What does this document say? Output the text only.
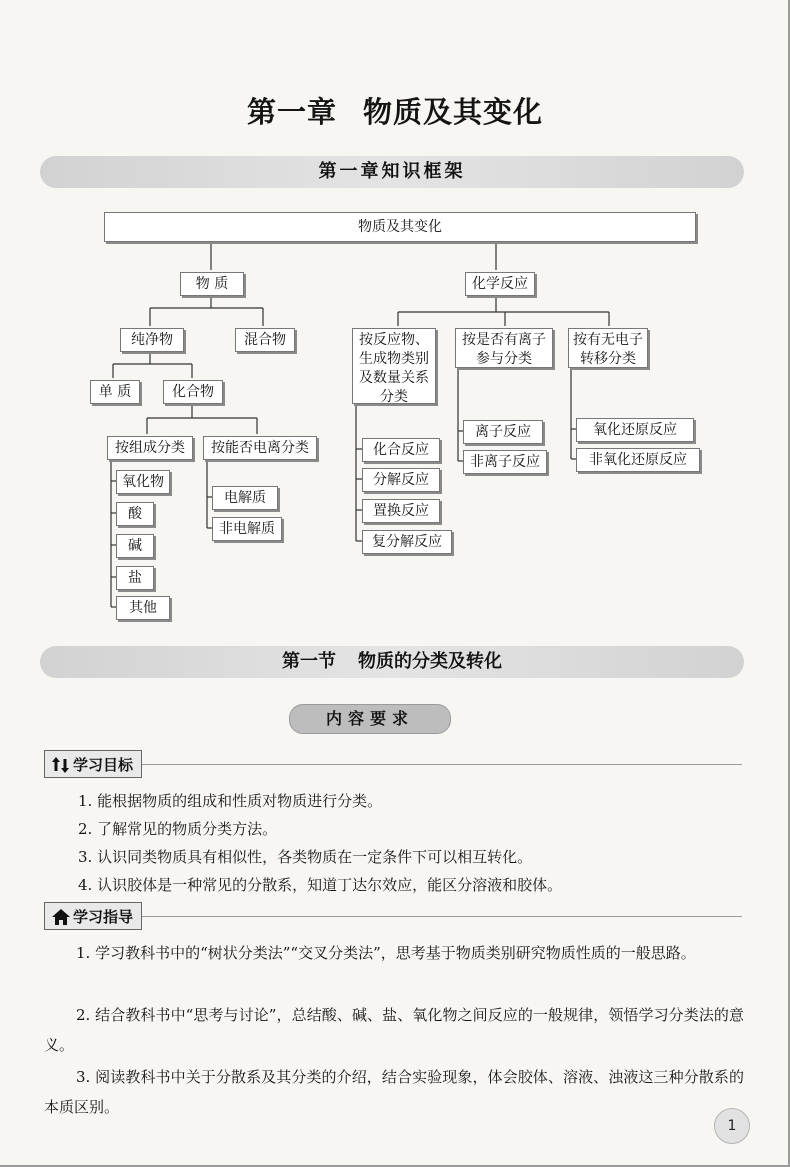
第一章 物质及其变化
第一章知识框架
物质及其变化
物 质
纯净物	混合物
单 质	化合物
按组成分类	按能否电离分类
氧化物
酸
碱
盐
其他
电解质
非电解质
化学反应
按反应物、
生成物类别
及数量关系
分类
按是否有离子
参与分类
按有无电子
转移分类
化合反应
分解反应
置换反应
复分解反应
离子反应
非离子反应
氧化还原反应
非氧化还原反应
第一节 物质的分类及转化
内容要求
学习目标
1. 能根据物质的组成和性质对物质进行分类。
2. 了解常见的物质分类方法。
3. 认识同类物质具有相似性，各类物质在一定条件下可以相互转化。
4. 认识胶体是一种常见的分散系，知道丁达尔效应，能区分溶液和胶体。
学习指导
1. 学习教科书中的“树状分类法”“交叉分类法”，思考基于物质类别研究物质性质的一般思路。
2. 结合教科书中“思考与讨论”，总结酸、碱、盐、氧化物之间反应的一般规律，领悟学习分类法的意义。
3. 阅读教科书中关于分散系及其分类的介绍，结合实验现象，体会胶体、溶液、浊液这三种分散系的本质区别。
1
